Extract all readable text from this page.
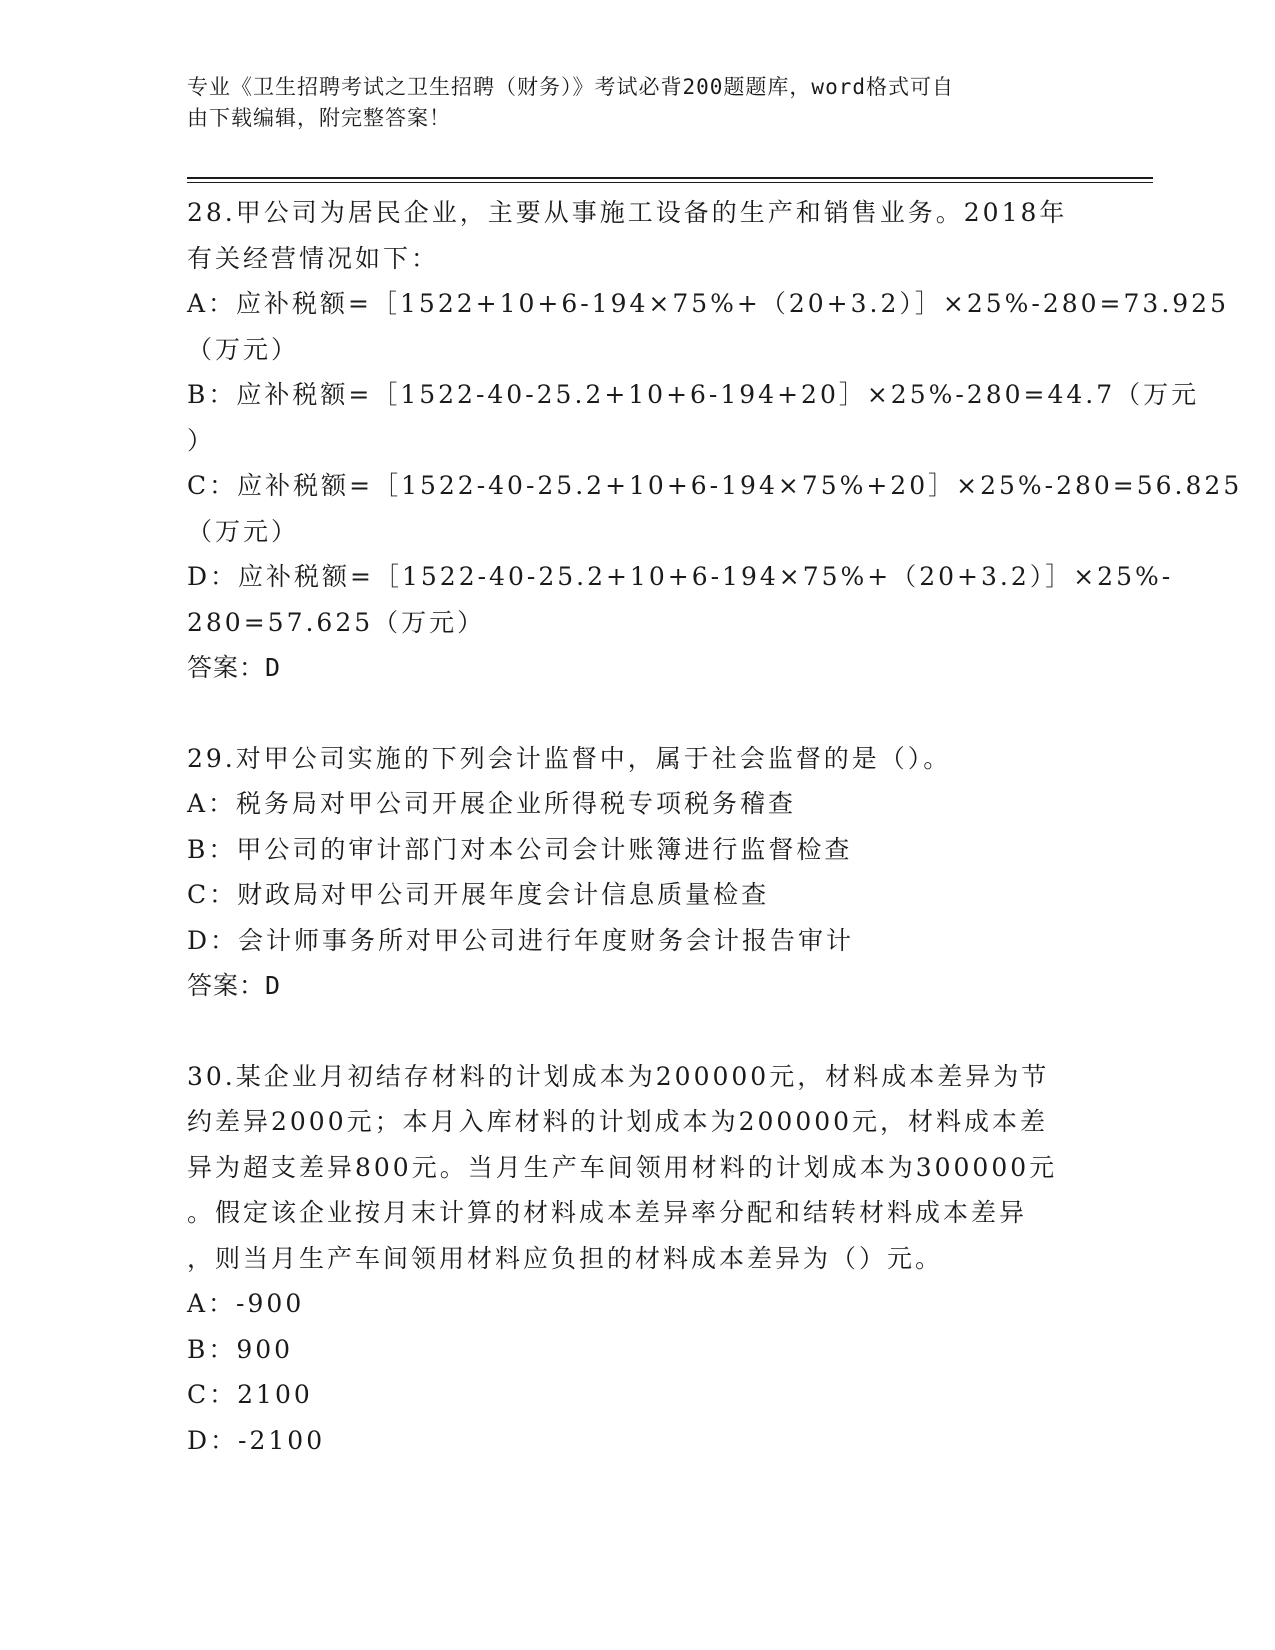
专业《卫生招聘考试之卫生招聘（财务）》考试必背200题题库，word格式可自
由下载编辑，附完整答案！
28.甲公司为居民企业，主要从事施工设备的生产和销售业务。2018年
有关经营情况如下：
A：应补税额=［1522+10+6-194×75%+（20+3.2）］×25%-280=73.925
（万元）
B：应补税额=［1522-40-25.2+10+6-194+20］×25%-280=44.7（万元
）
C：应补税额=［1522-40-25.2+10+6-194×75%+20］×25%-280=56.825
（万元）
D：应补税额=［1522-40-25.2+10+6-194×75%+（20+3.2）］×25%-
280=57.625（万元）
答案：D
29.对甲公司实施的下列会计监督中，属于社会监督的是（）。
A：税务局对甲公司开展企业所得税专项税务稽查
B：甲公司的审计部门对本公司会计账簿进行监督检查
C：财政局对甲公司开展年度会计信息质量检查
D：会计师事务所对甲公司进行年度财务会计报告审计
答案：D
30.某企业月初结存材料的计划成本为200000元，材料成本差异为节
约差异2000元；本月入库材料的计划成本为200000元，材料成本差
异为超支差异800元。当月生产车间领用材料的计划成本为300000元
。假定该企业按月末计算的材料成本差异率分配和结转材料成本差异
，则当月生产车间领用材料应负担的材料成本差异为（）元。
A：-900
B：900
C：2100
D：-2100
